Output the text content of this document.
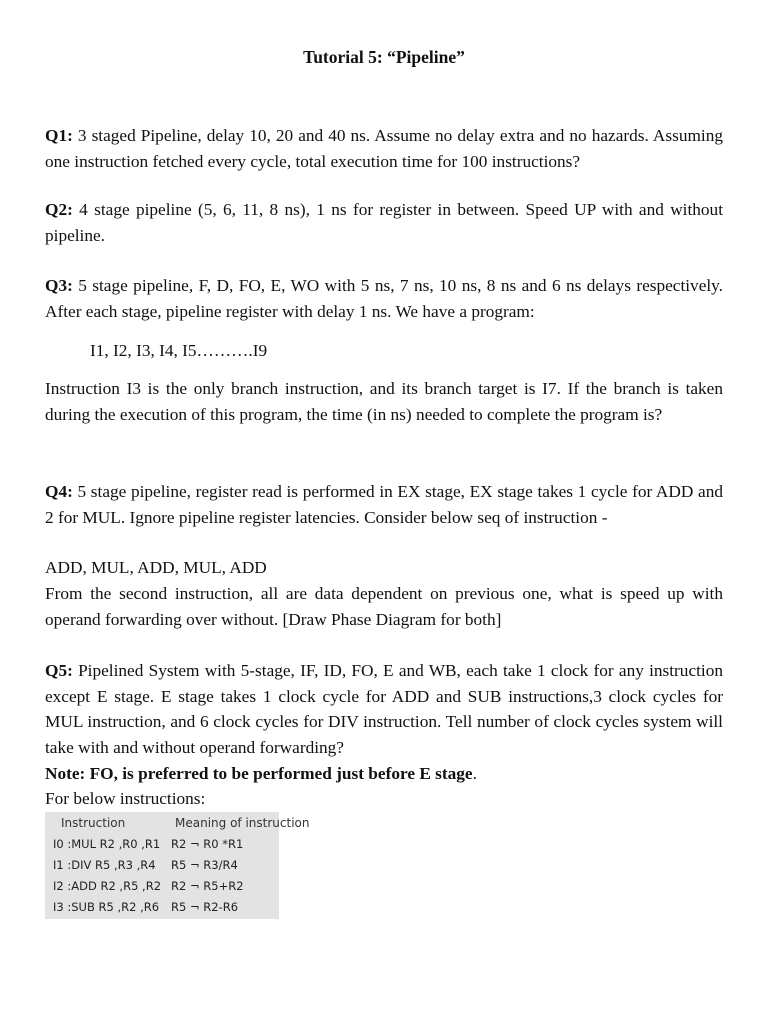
Tutorial 5: “Pipeline”

Q1: 3 staged Pipeline, delay 10, 20 and 40 ns. Assume no delay extra and no hazards. Assuming one instruction fetched every cycle, total execution time for 100 instructions?

Q2: 4 stage pipeline (5, 6, 11, 8 ns), 1 ns for register in between. Speed UP with and without pipeline.

Q3: 5 stage pipeline, F, D, FO, E, WO with 5 ns, 7 ns, 10 ns, 8 ns and 6 ns delays respectively. After each stage, pipeline register with delay 1 ns. We have a program:

I1, I2, I3, I4, I5……….I9

Instruction I3 is the only branch instruction, and its branch target is I7. If the branch is taken during the execution of this program, the time (in ns) needed to complete the program is?

Q4: 5 stage pipeline, register read is performed in EX stage, EX stage takes 1 cycle for ADD and 2 for MUL. Ignore pipeline register latencies. Consider below seq of instruction -

ADD, MUL, ADD, MUL, ADD

From the second instruction, all are data dependent on previous one, what is speed up with operand forwarding over without. [Draw Phase Diagram for both]

Q5: Pipelined System with 5-stage, IF, ID, FO, E and WB, each take 1 clock for any instruction except E stage. E stage takes 1 clock cycle for ADD and SUB instructions,3 clock cycles for MUL instruction, and 6 clock cycles for DIV instruction. Tell number of clock cycles system will take with and without operand forwarding?

Note: FO, is preferred to be performed just before E stage.
For below instructions:
Instruction	Meaning of instruction
I0 :MUL R2 ,R0 ,R1	R2 ¬ R0 *R1
I1 :DIV R5 ,R3 ,R4	R5 ¬ R3/R4
I2 :ADD R2 ,R5 ,R2	R2 ¬ R5+R2
I3 :SUB R5 ,R2 ,R6	R5 ¬ R2-R6
